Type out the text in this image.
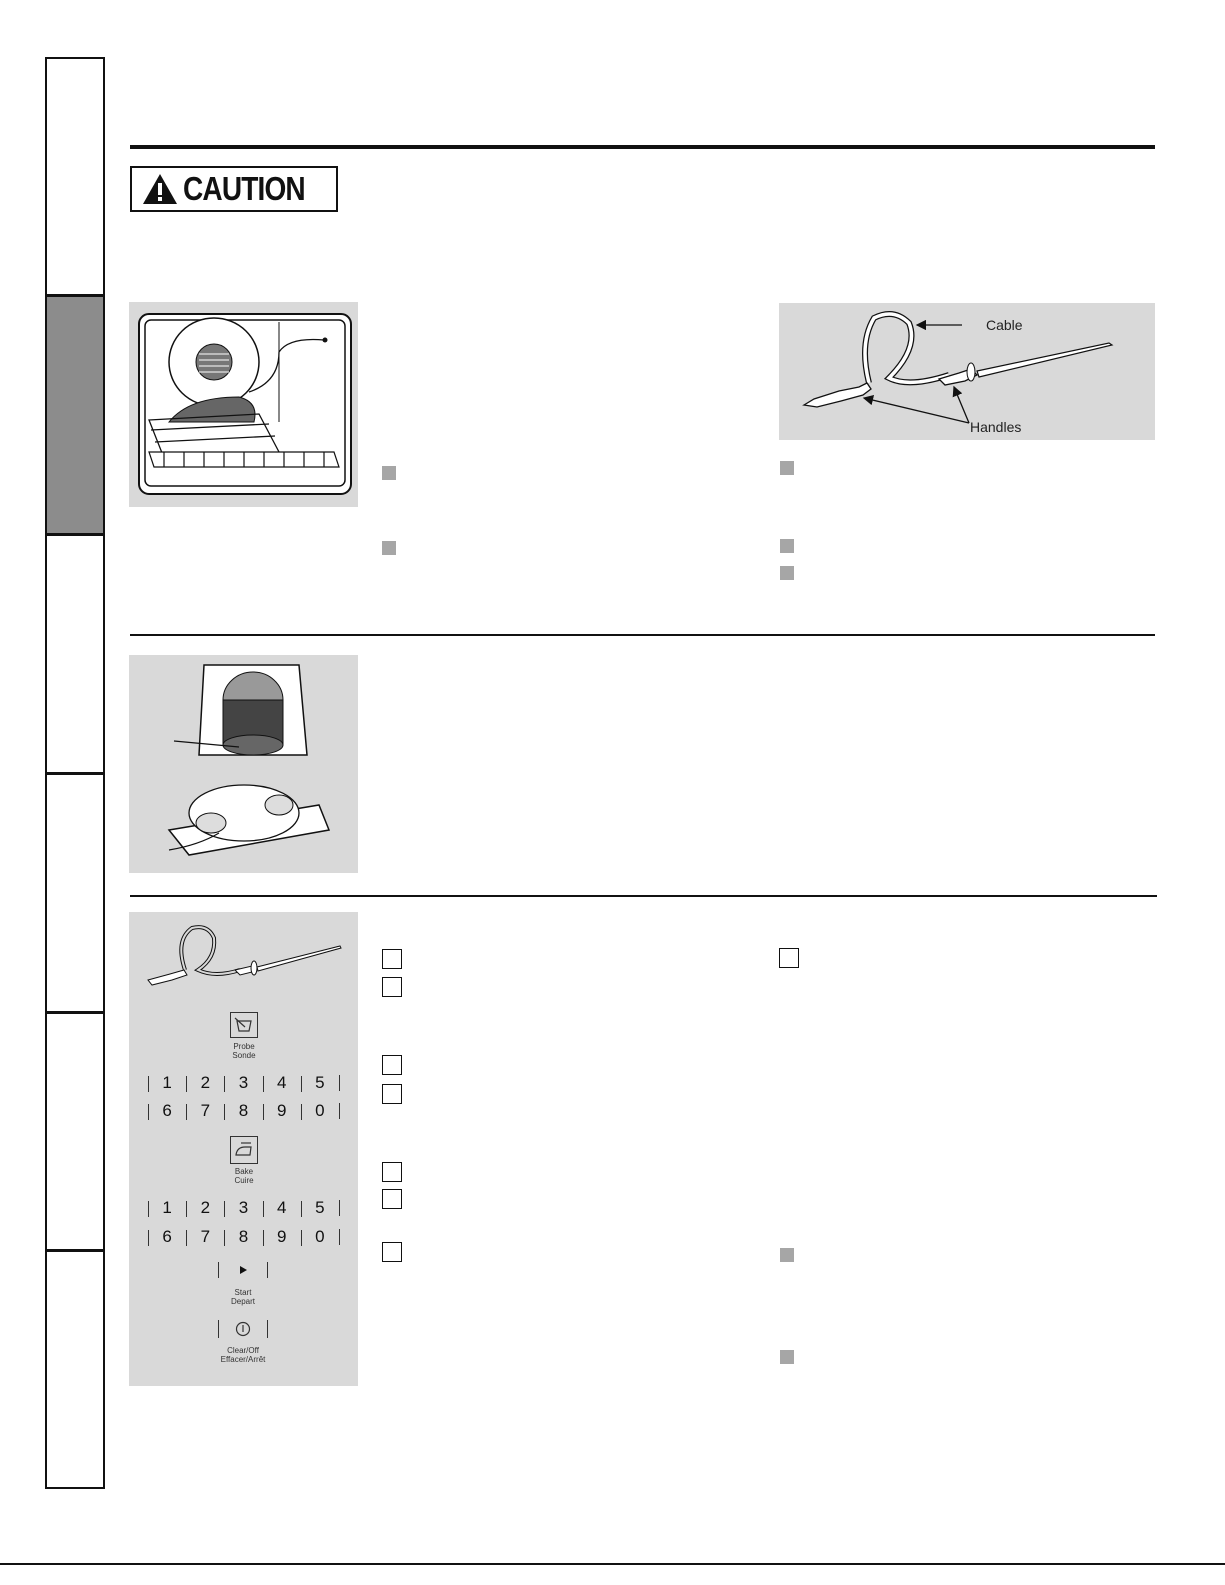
CAUTION
Cable
Handles
Probe
Sonde
1	2	3	4	5
6	7	8	9	0
Bake
Cuire
1	2	3	4	5
6	7	8	9	0
Start
Depart
Clear/Off
Effacer/Arrêt
